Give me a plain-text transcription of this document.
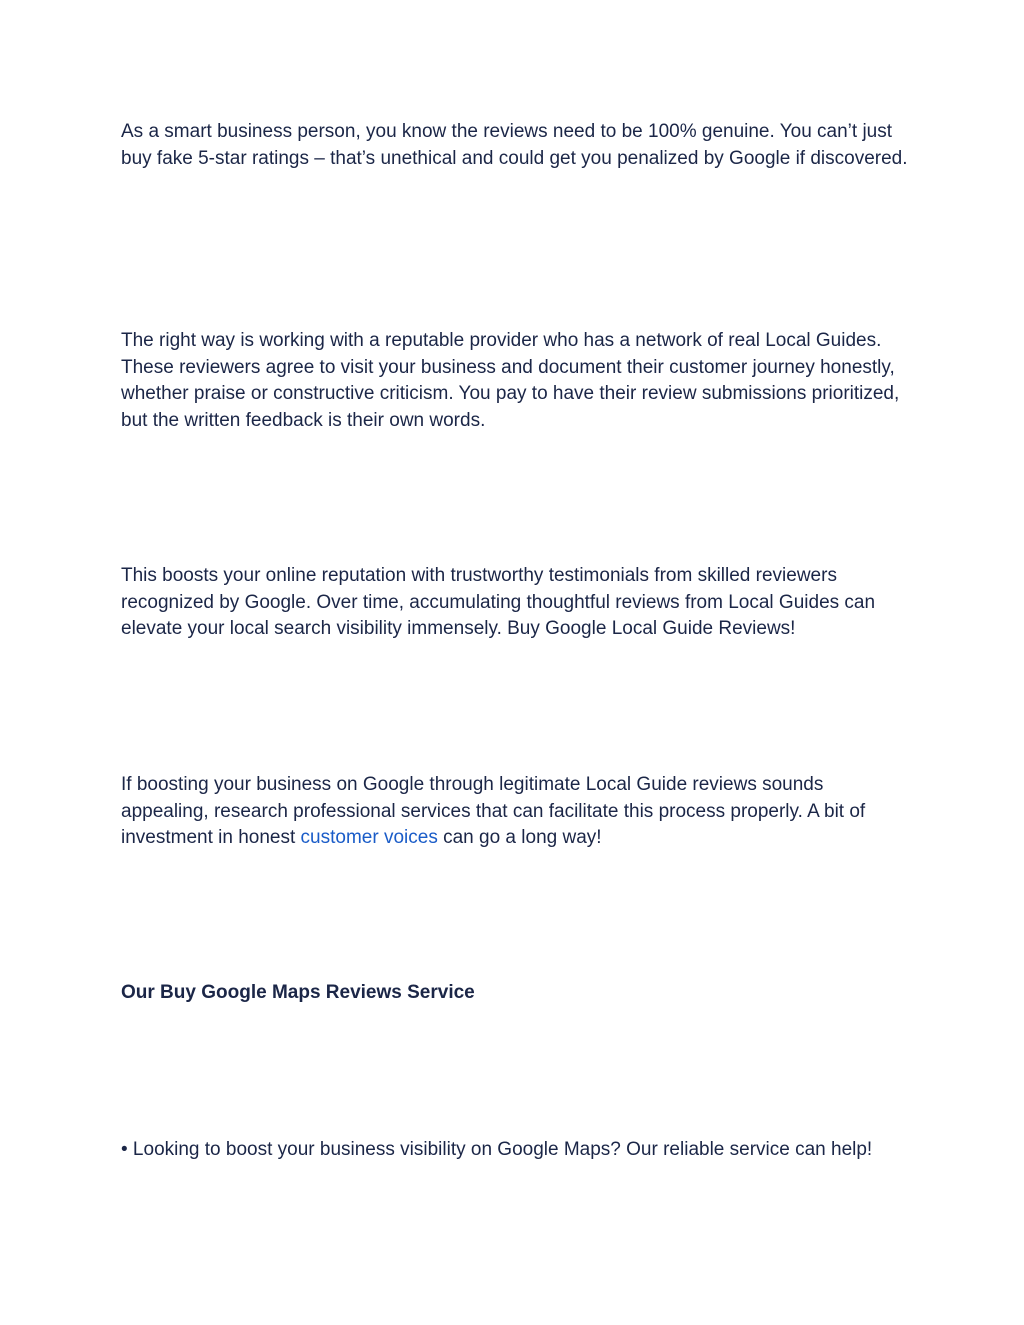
As a smart business person, you know the reviews need to be 100% genuine. You can’t just buy fake 5-star ratings – that’s unethical and could get you penalized by Google if discovered.

The right way is working with a reputable provider who has a network of real Local Guides. These reviewers agree to visit your business and document their customer journey honestly, whether praise or constructive criticism. You pay to have their review submissions prioritized, but the written feedback is their own words.

This boosts your online reputation with trustworthy testimonials from skilled reviewers recognized by Google. Over time, accumulating thoughtful reviews from Local Guides can elevate your local search visibility immensely. Buy Google Local Guide Reviews!

If boosting your business on Google through legitimate Local Guide reviews sounds appealing, research professional services that can facilitate this process properly. A bit of investment in honest customer voices can go a long way!

Our Buy Google Maps Reviews Service

• Looking to boost your business visibility on Google Maps? Our reliable service can help!
